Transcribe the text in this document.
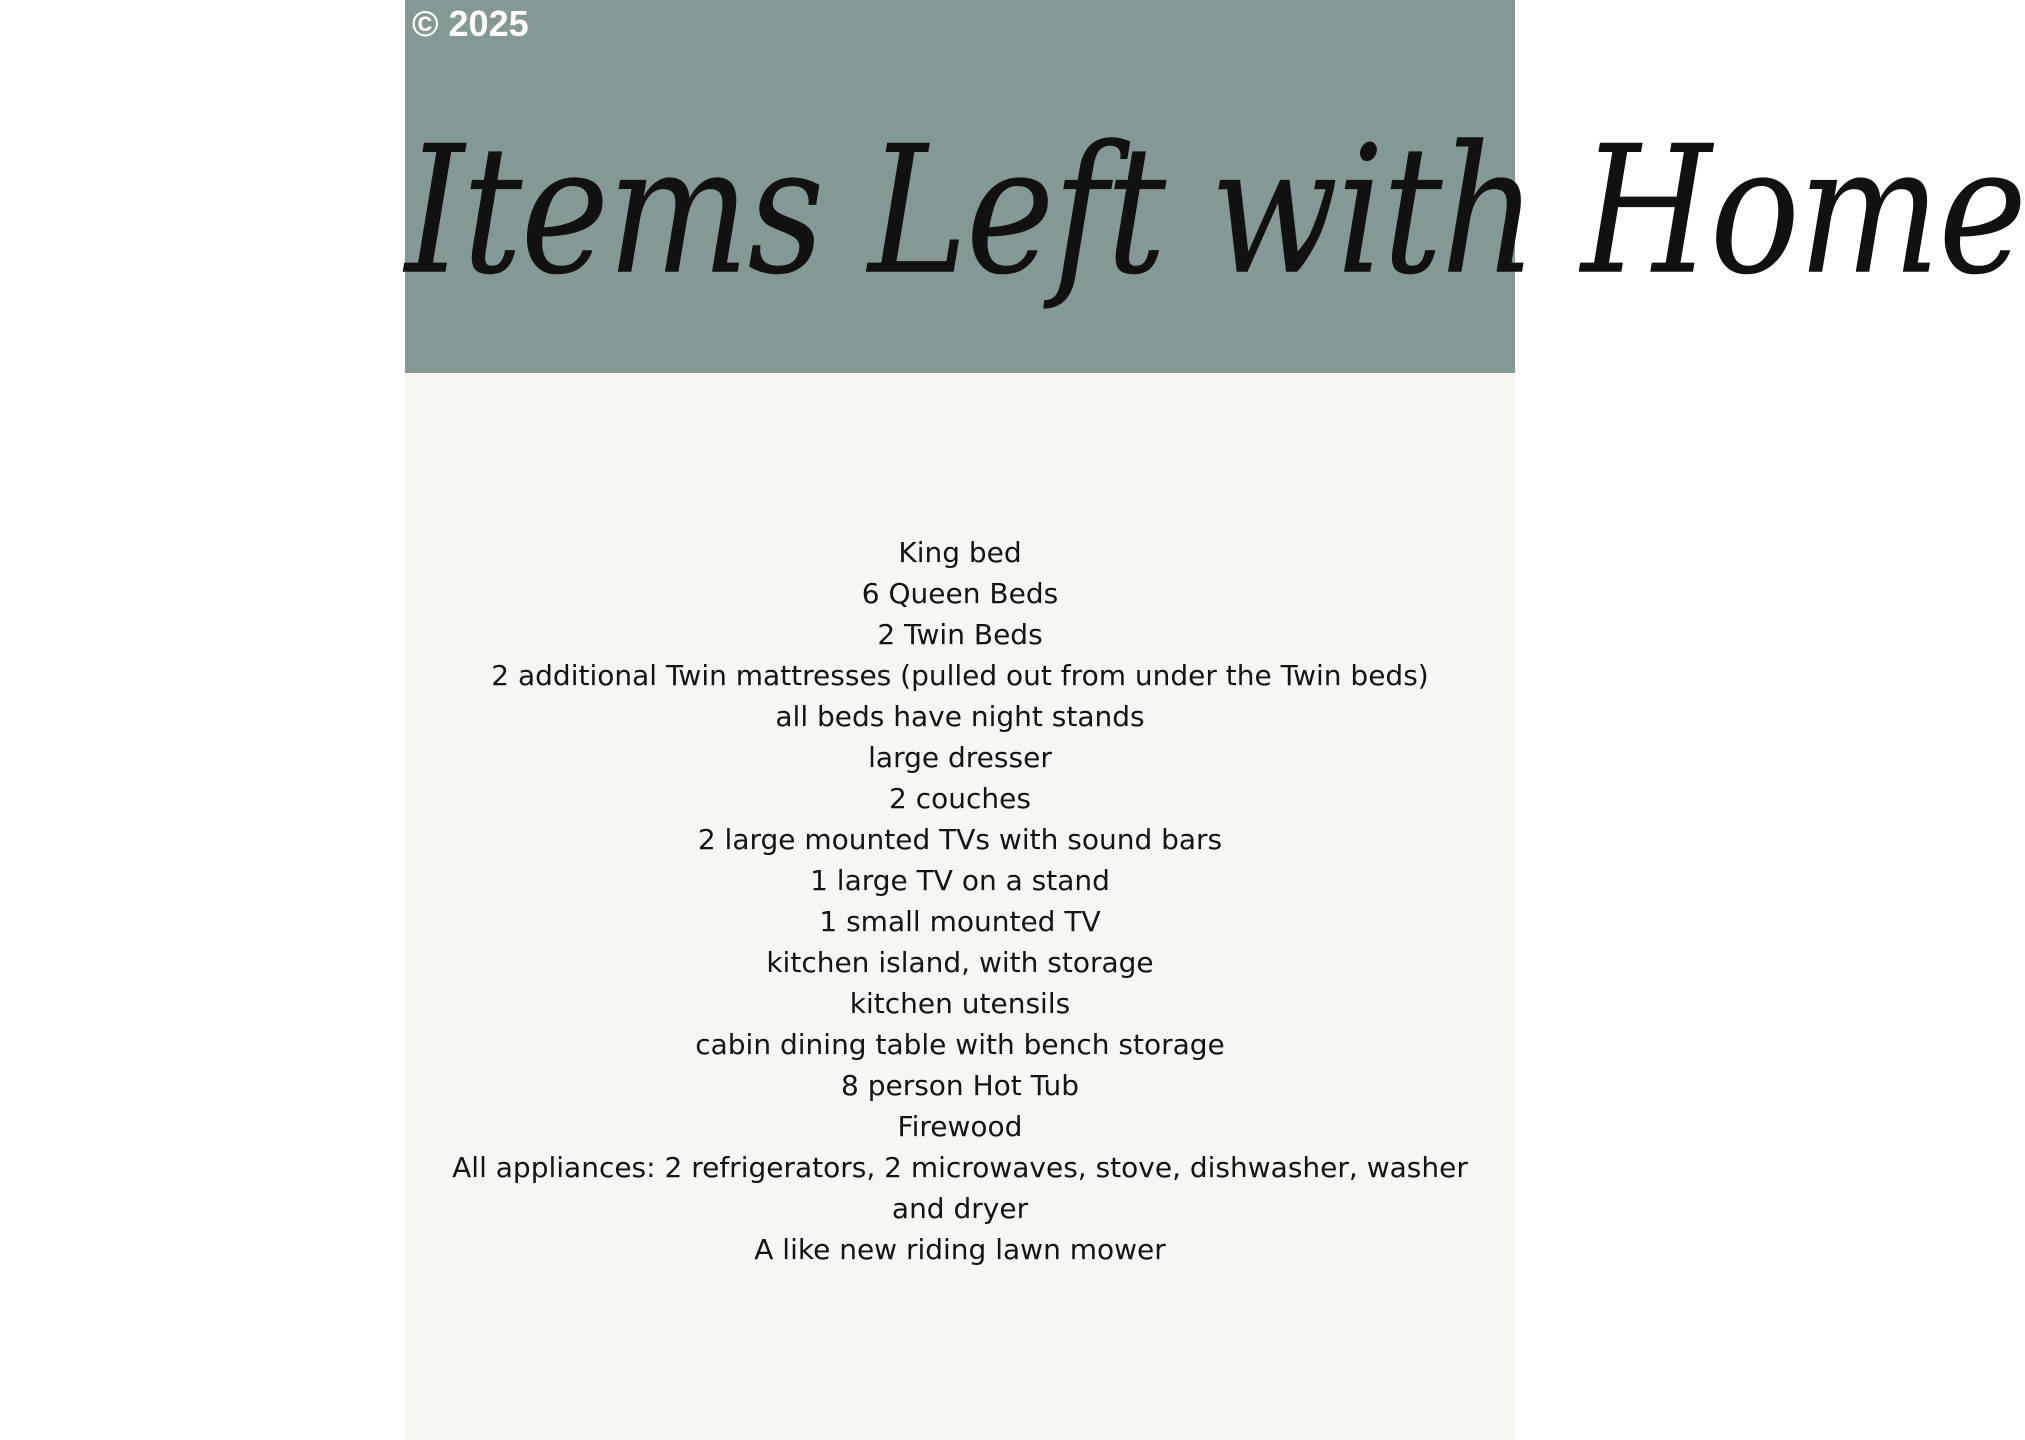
© 2025

Items Left with Home
King bed
6 Queen Beds
2 Twin Beds
2 additional Twin mattresses (pulled out from under the Twin beds)
all beds have night stands
large dresser
2 couches
2 large mounted TVs with sound bars
1 large TV on a stand
1 small mounted TV
kitchen island, with storage
kitchen utensils
cabin dining table with bench storage
8 person Hot Tub
Firewood
All appliances: 2 refrigerators, 2 microwaves, stove, dishwasher, washer and dryer
A like new riding lawn mower
